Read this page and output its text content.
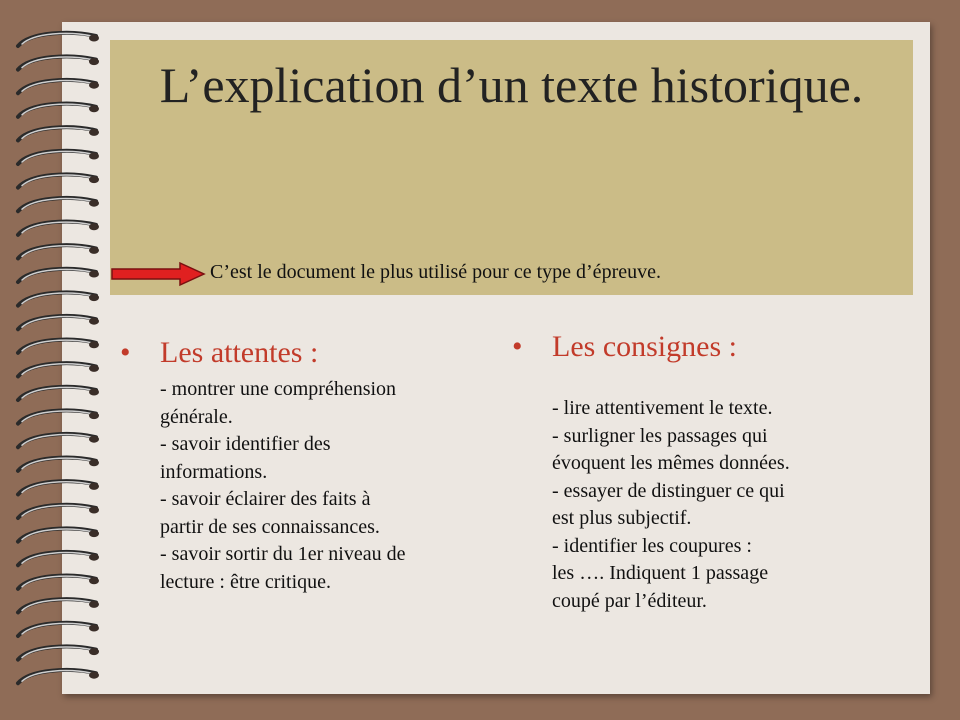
L’explication d’un texte historique.
C’est le document le plus utilisé pour ce type d’épreuve.
• Les attentes :
- montrer une compréhension
générale.
- savoir identifier des
informations.
- savoir éclairer des faits à
partir de ses connaissances.
- savoir sortir du 1er niveau de
lecture : être critique.
• Les consignes :
- lire attentivement le texte.
- surligner les passages qui
évoquent les mêmes données.
- essayer de distinguer ce qui
est plus subjectif.
- identifier les coupures :
les …. Indiquent 1 passage
coupé par l’éditeur.
